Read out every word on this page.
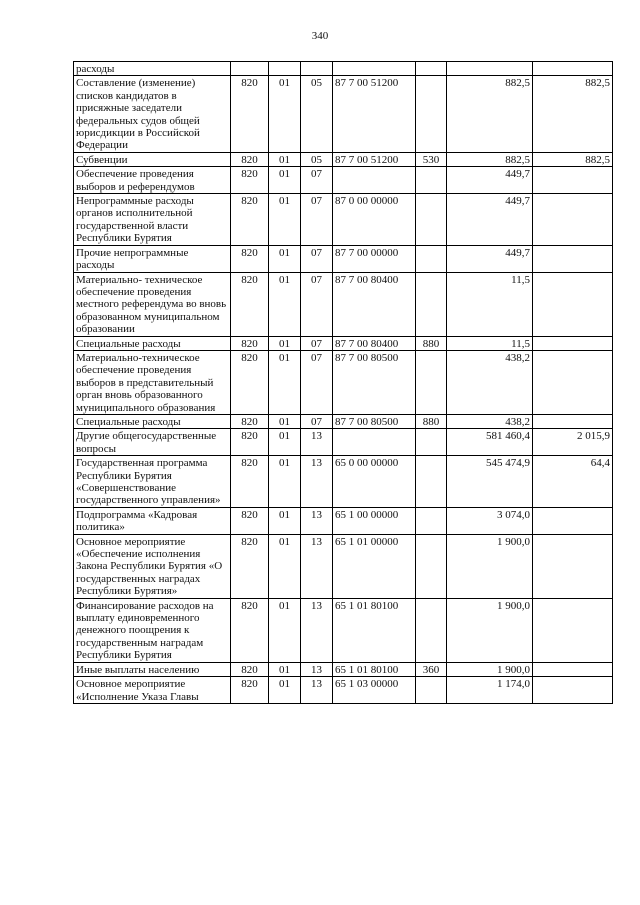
340
расходы							
Составление (изменение) списков кандидатов в присяжные заседатели федеральных судов общей юрисдикции в Российской Федерации	820	01	05	87 7 00 51200		882,5	882,5
Субвенции	820	01	05	87 7 00 51200	530	882,5	882,5
Обеспечение проведения выборов и референдумов	820	01	07			449,7	
Непрограммные расходы органов исполнительной государственной власти Республики Бурятия	820	01	07	87 0 00 00000		449,7	
Прочие непрограммные расходы	820	01	07	87 7 00 00000		449,7	
Материально- техническое обеспечение проведения местного референдума во вновь образованном муниципальном образовании	820	01	07	87 7 00 80400		11,5	
Специальные расходы	820	01	07	87 7 00 80400	880	11,5	
Материально-техническое обеспечение проведения выборов в представительный орган вновь образованного муниципального образования	820	01	07	87 7 00 80500		438,2	
Специальные расходы	820	01	07	87 7 00 80500	880	438,2	
Другие общегосударственные вопросы	820	01	13			581 460,4	2 015,9
Государственная программа Республики Бурятия «Совершенствование государственного управления»	820	01	13	65 0 00 00000		545 474,9	64,4
Подпрограмма «Кадровая политика»	820	01	13	65 1 00 00000		3 074,0	
Основное мероприятие «Обеспечение исполнения Закона Республики Бурятия «О государственных наградах Республики Бурятия»	820	01	13	65 1 01 00000		1 900,0	
Финансирование расходов на выплату единовременного денежного поощрения к государственным наградам Республики Бурятия	820	01	13	65 1 01 80100		1 900,0	
Иные выплаты населению	820	01	13	65 1 01 80100	360	1 900,0	
Основное мероприятие «Исполнение Указа Главы	820	01	13	65 1 03 00000		1 174,0	
